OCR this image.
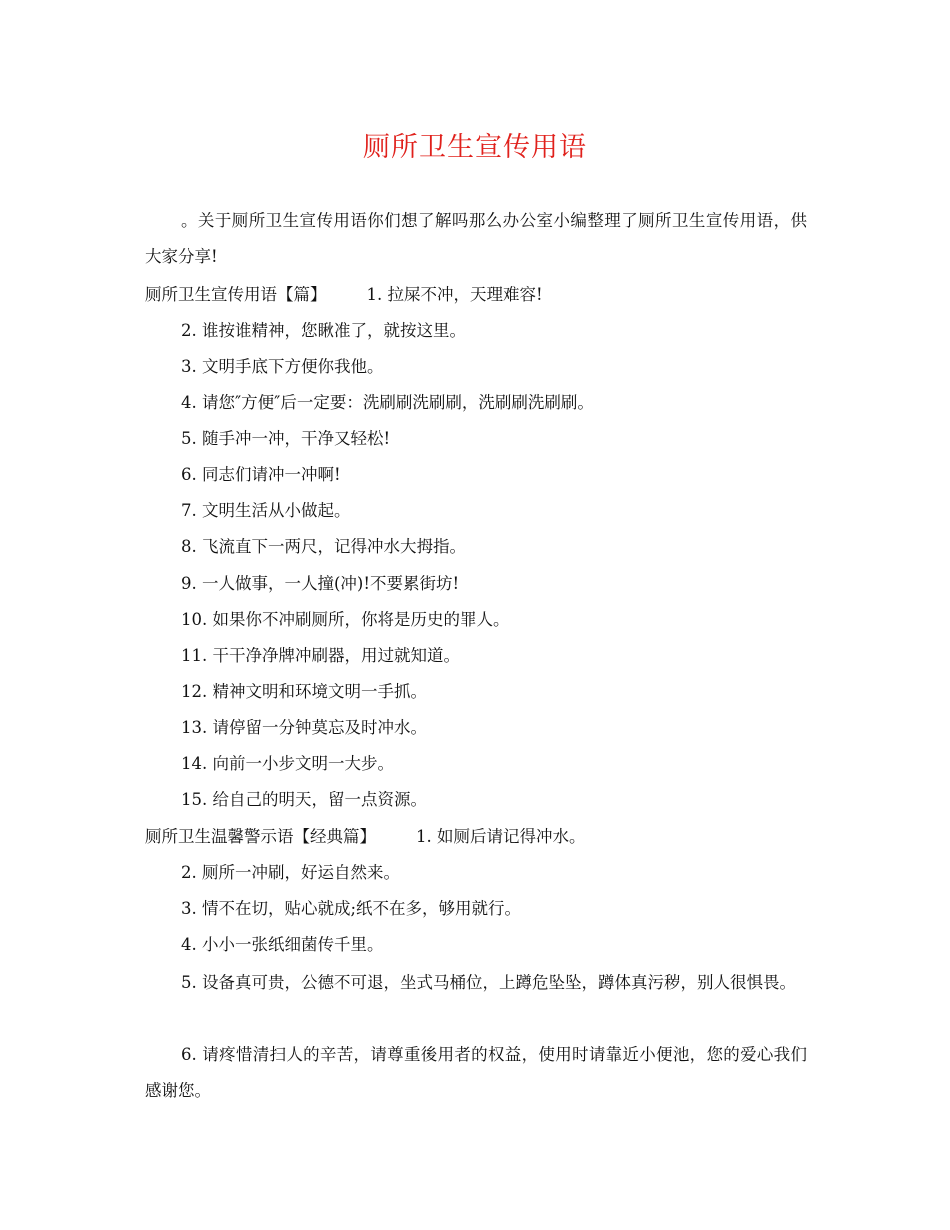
厕所卫生宣传用语
。关于厕所卫生宣传用语你们想了解吗那么办公室小编整理了厕所卫生宣传用语，供大家分享!
厕所卫生宣传用语【篇】 1. 拉屎不冲，天理难容!
2. 谁按谁精神，您瞅准了，就按这里。
3. 文明手底下方便你我他。
4. 请您″方便″后一定要：洗刷刷洗刷刷，洗刷刷洗刷刷。
5. 随手冲一冲，干净又轻松!
6. 同志们请冲一冲啊!
7. 文明生活从小做起。
8. 飞流直下一两尺，记得冲水大拇指。
9. 一人做事，一人撞(冲)!不要累街坊!
10. 如果你不冲刷厕所，你将是历史的罪人。
11. 干干净净牌冲刷器，用过就知道。
12. 精神文明和环境文明一手抓。
13. 请停留一分钟莫忘及时冲水。
14. 向前一小步文明一大步。
15. 给自己的明天，留一点资源。
厕所卫生温馨警示语【经典篇】 1. 如厕后请记得冲水。
2. 厕所一冲刷，好运自然来。
3. 情不在切，贴心就成;纸不在多，够用就行。
4. 小小一张纸细菌传千里。
5. 设备真可贵，公德不可退，坐式马桶位，上蹲危坠坠，蹲体真污秽，别人很惧畏。
6. 请疼惜清扫人的辛苦，请尊重後用者的权益，使用时请靠近小便池，您的爱心我们感谢您。
